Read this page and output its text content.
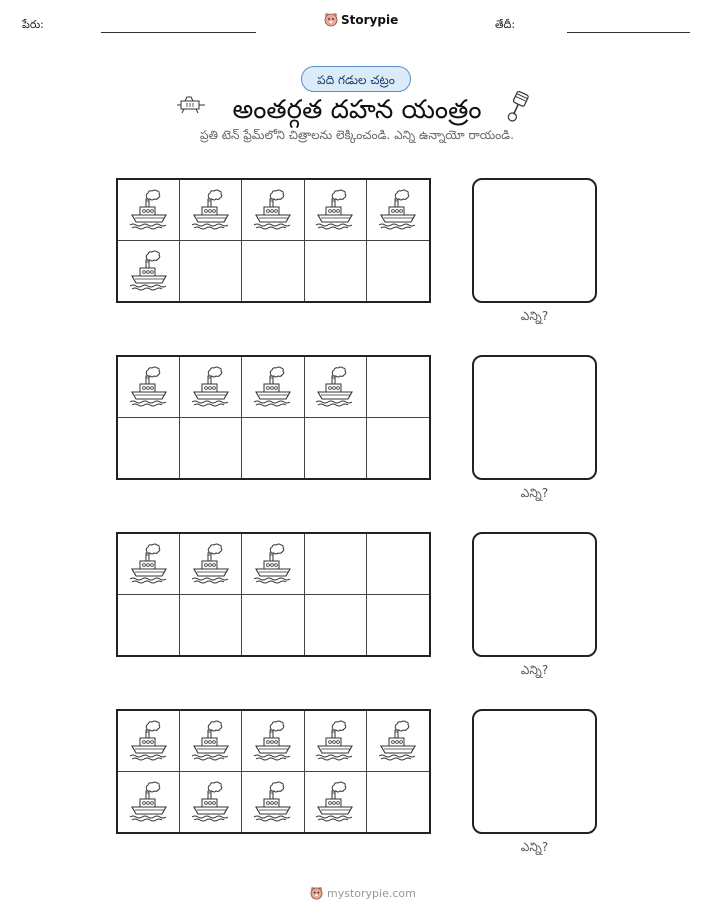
పేరు:	Storypie	తేదీ:
పది గడుల చట్రం
అంతర్గత దహన యంత్రం
ప్రతి టెన్ ఫ్రేమ్‌లోని చిత్రాలను లెక్కించండి. ఎన్ని ఉన్నాయో రాయండి.
ఎన్ని?
ఎన్ని?
ఎన్ని?
ఎన్ని?
mystorypie.com
